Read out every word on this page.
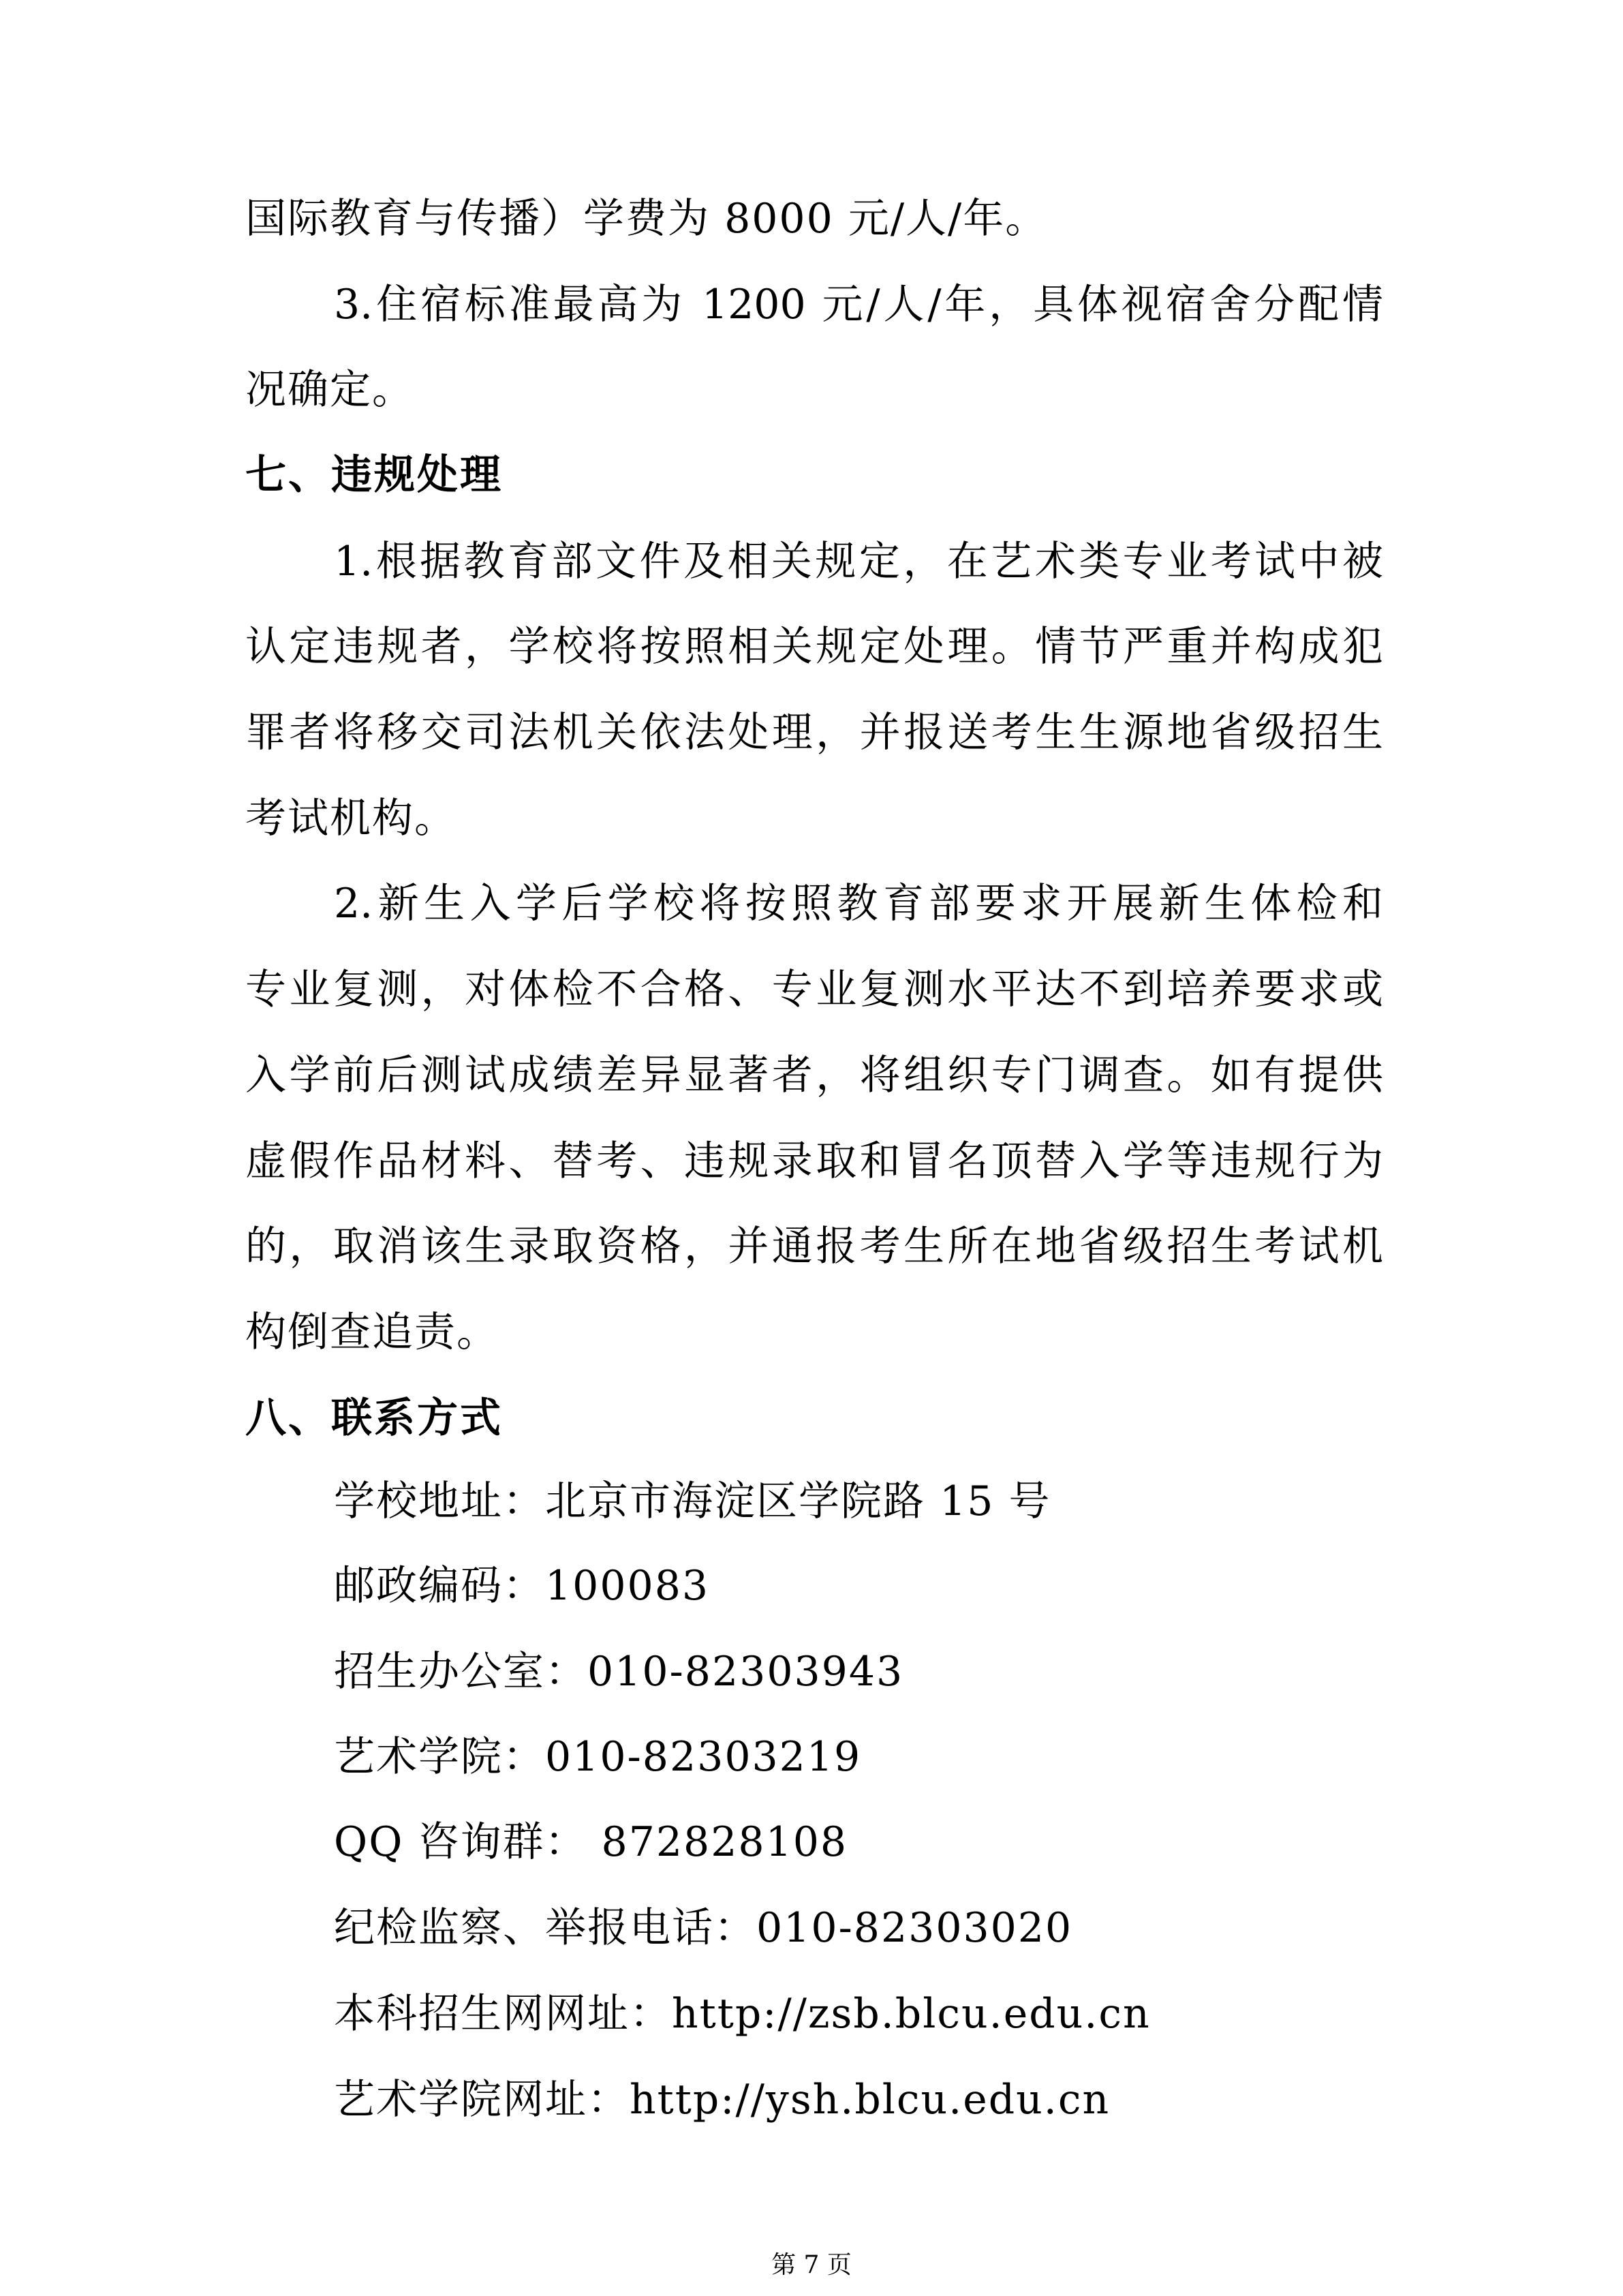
国际教育与传播）学费为 8000 元/人/年。
3.住宿标准最高为 1200 元/人/年，具体视宿舍分配情
况确定。
七、违规处理
1.根据教育部文件及相关规定，在艺术类专业考试中被
认定违规者，学校将按照相关规定处理。情节严重并构成犯
罪者将移交司法机关依法处理，并报送考生生源地省级招生
考试机构。
2.新生入学后学校将按照教育部要求开展新生体检和
专业复测，对体检不合格、专业复测水平达不到培养要求或
入学前后测试成绩差异显著者，将组织专门调查。如有提供
虚假作品材料、替考、违规录取和冒名顶替入学等违规行为
的，取消该生录取资格，并通报考生所在地省级招生考试机
构倒查追责。
八、联系方式
学校地址：北京市海淀区学院路 15 号
邮政编码：100083
招生办公室：010-82303943
艺术学院：010-82303219
QQ 咨询群： 872828108
纪检监察、举报电话：010-82303020
本科招生网网址：http://zsb.blcu.edu.cn
艺术学院网址：http://ysh.blcu.edu.cn
第 7 页
